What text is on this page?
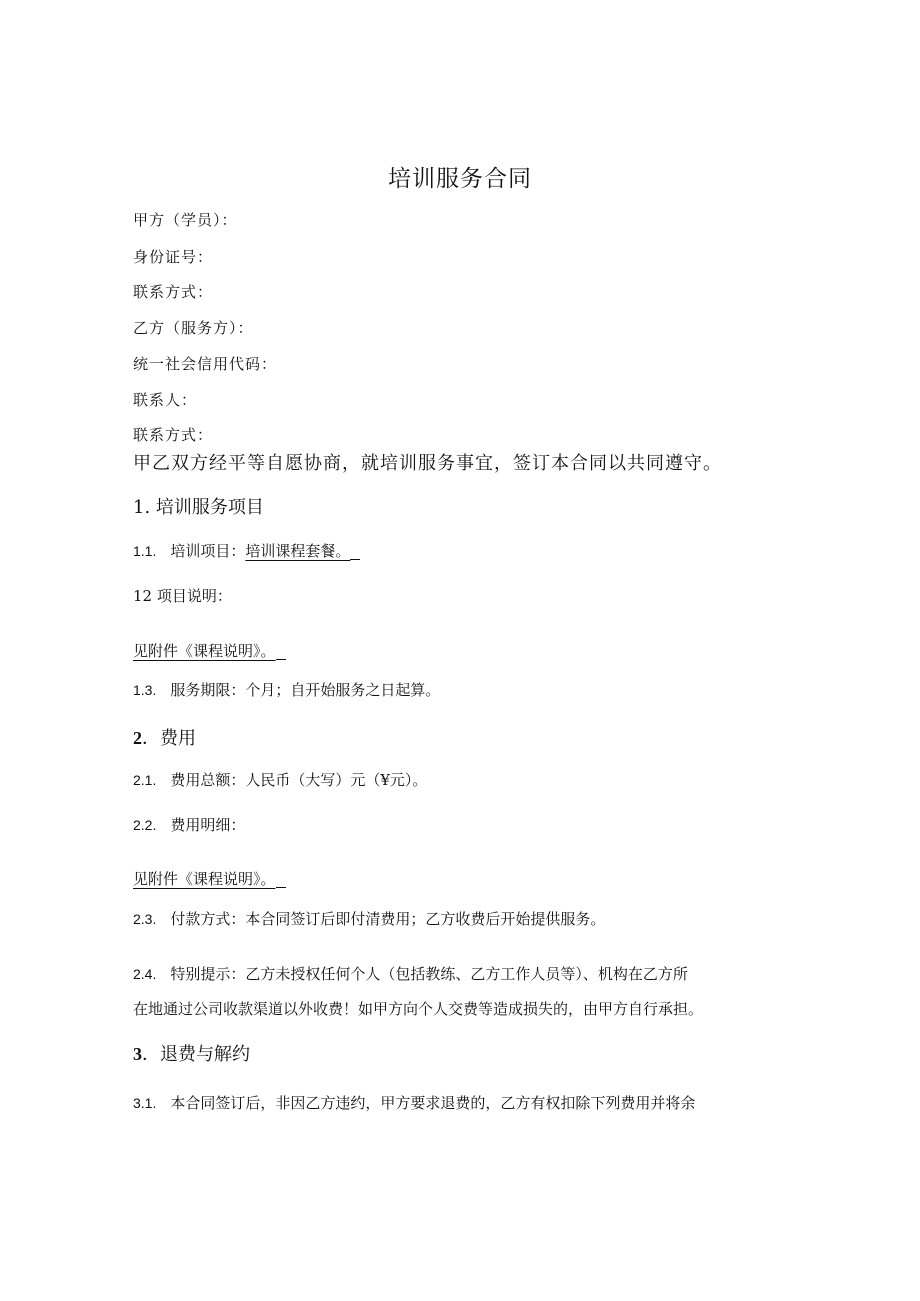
培训服务合同
甲方（学员）：
身份证号：
联系方式：
乙方（服务方）：
统一社会信用代码：
联系人：
联系方式：
甲乙双方经平等自愿协商，就培训服务事宜，签订本合同以共同遵守。
1. 培训服务项目
1.1. 培训项目：培训课程套餐。
12 项目说明：
见附件《课程说明》。
1.3. 服务期限：个月；自开始服务之日起算。
2．费用
2.1. 费用总额：人民币（大写）元（¥元）。
2.2. 费用明细：
见附件《课程说明》。
2.3. 付款方式：本合同签订后即付清费用；乙方收费后开始提供服务。
2.4. 特别提示：乙方未授权任何个人（包括教练、乙方工作人员等）、机构在乙方所
在地通过公司收款渠道以外收费！如甲方向个人交费等造成损失的，由甲方自行承担。
3．退费与解约
3.1. 本合同签订后，非因乙方违约，甲方要求退费的，乙方有权扣除下列费用并将余
